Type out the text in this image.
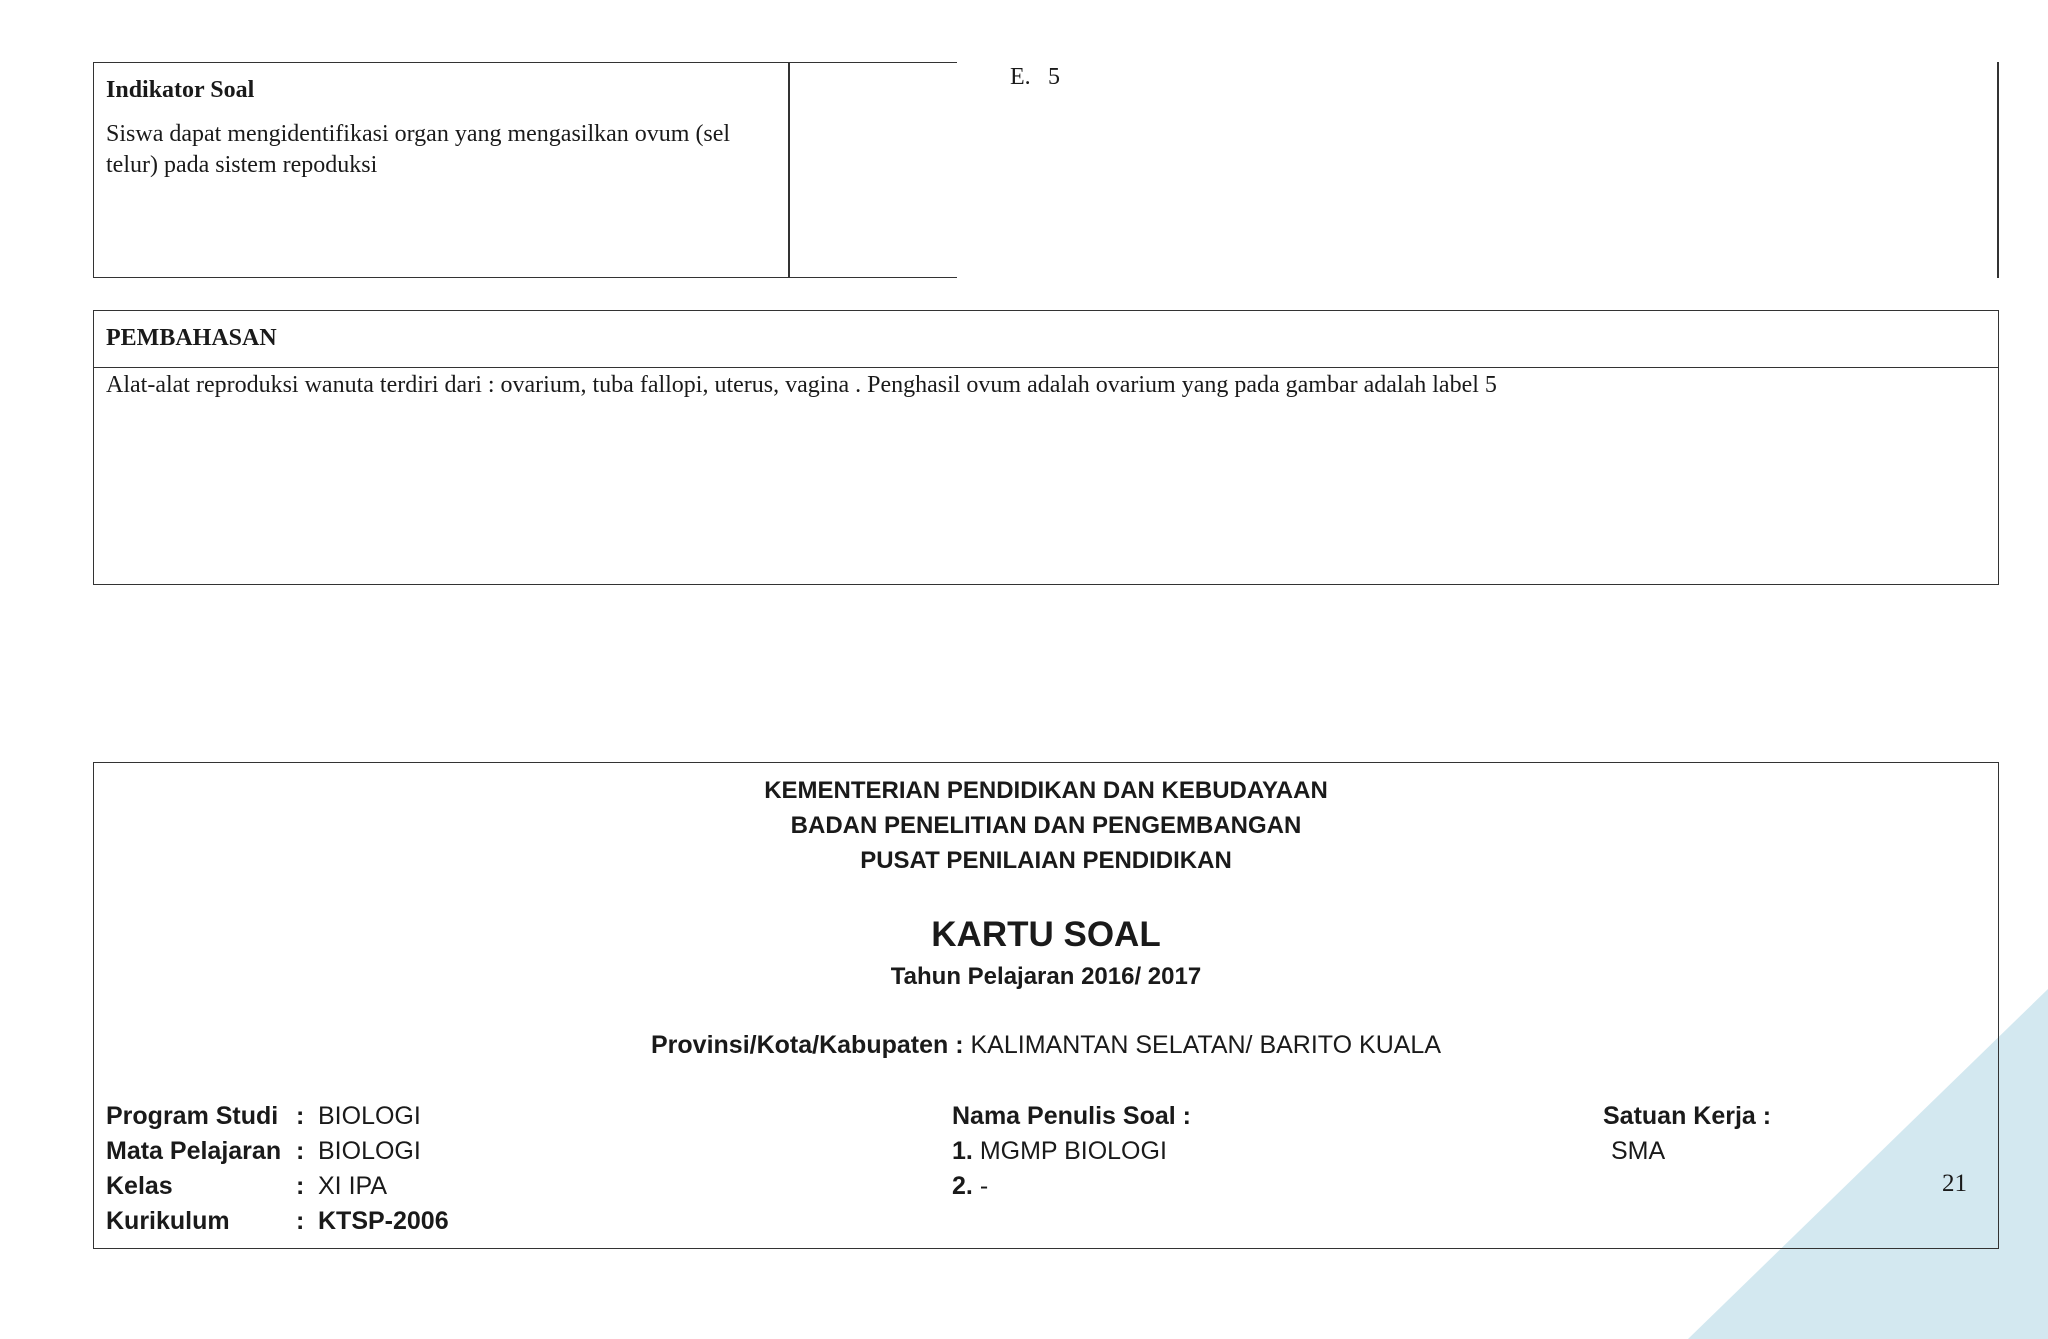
Indikator Soal
Siswa dapat mengidentifikasi organ yang mengasilkan ovum (sel telur) pada sistem repoduksi
E. 5
PEMBAHASAN
Alat-alat reproduksi wanuta terdiri dari : ovarium, tuba fallopi, uterus, vagina . Penghasil ovum adalah ovarium yang pada gambar adalah label 5
KEMENTERIAN PENDIDIKAN DAN KEBUDAYAAN
BADAN PENELITIAN DAN PENGEMBANGAN
PUSAT PENILAIAN PENDIDIKAN
KARTU SOAL
Tahun Pelajaran 2016/ 2017
Provinsi/Kota/Kabupaten : KALIMANTAN SELATAN/ BARITO KUALA
Program Studi : BIOLOGI
Mata Pelajaran : BIOLOGI
Kelas	: XI IPA
Kurikulum	: KTSP-2006
Nama Penulis Soal :
1. MGMP BIOLOGI
2. -
Satuan Kerja :
SMA
21
